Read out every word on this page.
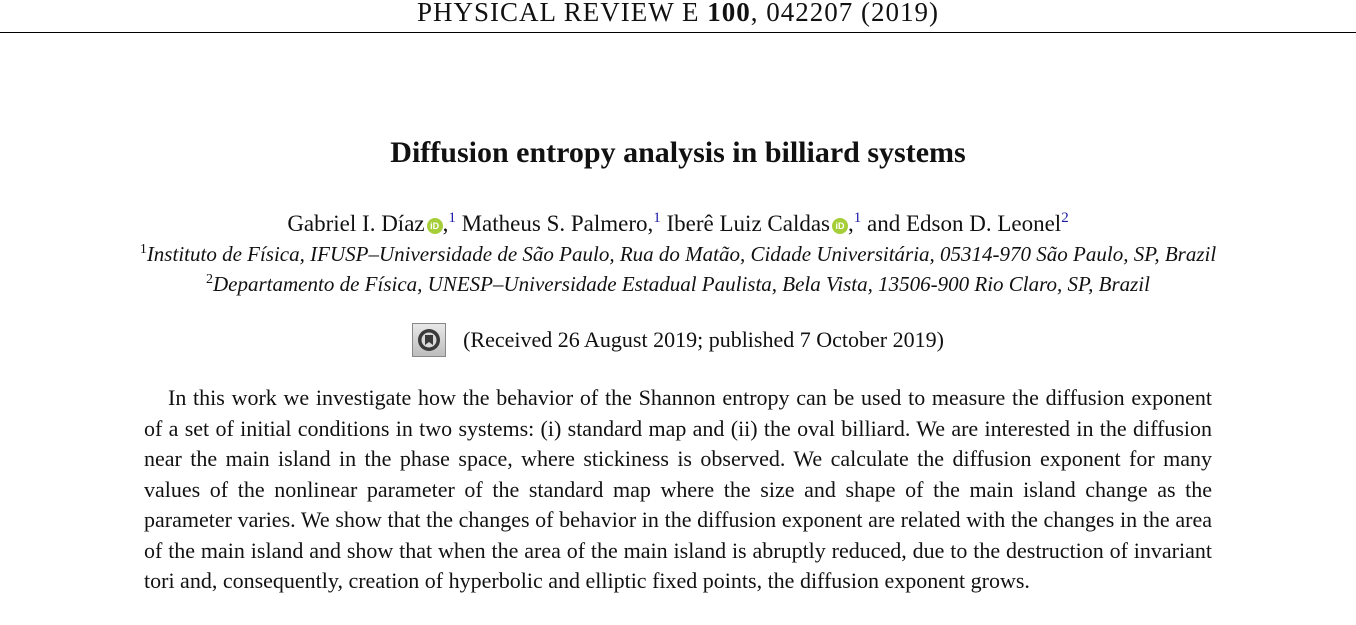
PHYSICAL REVIEW E 100, 042207 (2019)
Diffusion entropy analysis in billiard systems
Gabriel I. Díaz iD ,$^1$ Matheus S. Palmero,$^1$ Iberê Luiz Caldas iD ,$^1$ and Edson D. Leonel$^2$
$^1$Instituto de Física, IFUSP–Universidade de São Paulo, Rua do Matão, Cidade Universitária, 05314-970 São Paulo, SP, Brazil
$^2$Departamento de Física, UNESP–Universidade Estadual Paulista, Bela Vista, 13506-900 Rio Claro, SP, Brazil
(Received 26 August 2019; published 7 October 2019)

In this work we investigate how the behavior of the Shannon entropy can be used to measure the diffusion exponent of a set of initial conditions in two systems: (i) standard map and (ii) the oval billiard. We are interested in the diffusion near the main island in the phase space, where stickiness is observed. We calculate the diffusion exponent for many values of the nonlinear parameter of the standard map where the size and shape of the main island change as the parameter varies. We show that the changes of behavior in the diffusion exponent are related with the changes in the area of the main island and show that when the area of the main island is abruptly reduced, due to the destruction of invariant tori and, consequently, creation of hyperbolic and elliptic fixed points, the diffusion exponent grows.
